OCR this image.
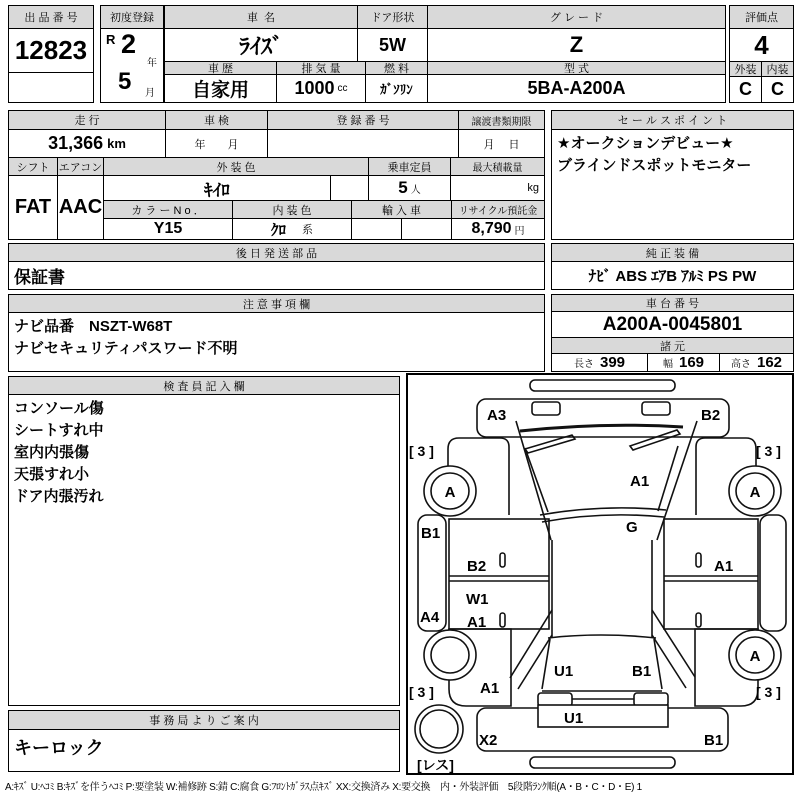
出 品 番 号
12823
初度登録
R 2
年
5 月
車  名
ﾗｲｽﾞ
ドア形状
5W
グ レ ー ド
Z
車 歴
自家用
排 気 量
1000 cc
燃 料
ｶﾞｿﾘﾝ
型 式
5BA-A200A
評価点
4
外装 内装
C	C
走 行
31,366 km
車 検
年　　月
登 録 番 号	譲渡書類期限
月　 日
シフト
FAT
エアコン
AAC
外 装 色
ｷｲﾛ
乗車定員
5 人
最大積載量
kg
カ ラ ー N o ．
Y15
内 装 色
ｸﾛ 系
輸 入 車	リサイクル預託金
8,790 円
セ ー ル ス ポ イ ン ト
★オークションデビュー★
ブラインドスポットモニター
後 日 発 送 部 品
保証書
純 正 装 備
ﾅﾋﾞ ABS ｴｱB ｱﾙﾐ PS PW
注 意 事 項 欄
ナビ品番　NSZT-W68T
ナビセキュリティパスワード不明
車 台 番 号
A200A-0045801
諸 元
長さ 399	幅 169	高さ 162
検 査 員 記 入 欄
コンソール傷
シートすれ中
室内内張傷
天張すれ小
ドア内張汚れ
事 務 局 よ り ご 案 内
キーロック
A3	B2
[ 3 ]	[ 3 ]
[ 3 ]	[ 3 ]
A	A
A
A1
G
B1
A4
B2
W1
A1
A1
A1
U1	B1
U1
X2	B1
[レス]
A:ｷｽﾞ U:ﾍｺﾐ B:ｷｽﾞを伴うﾍｺﾐ P:要塗装 W:補修跡 S:錆 C:腐食 G:ﾌﾛﾝﾄｶﾞﾗｽ点ｷｽﾞ XX:交換済み X:要交換　内・外装評価　5段階ﾗﾝｸ順(A・B・C・D・E) 1
